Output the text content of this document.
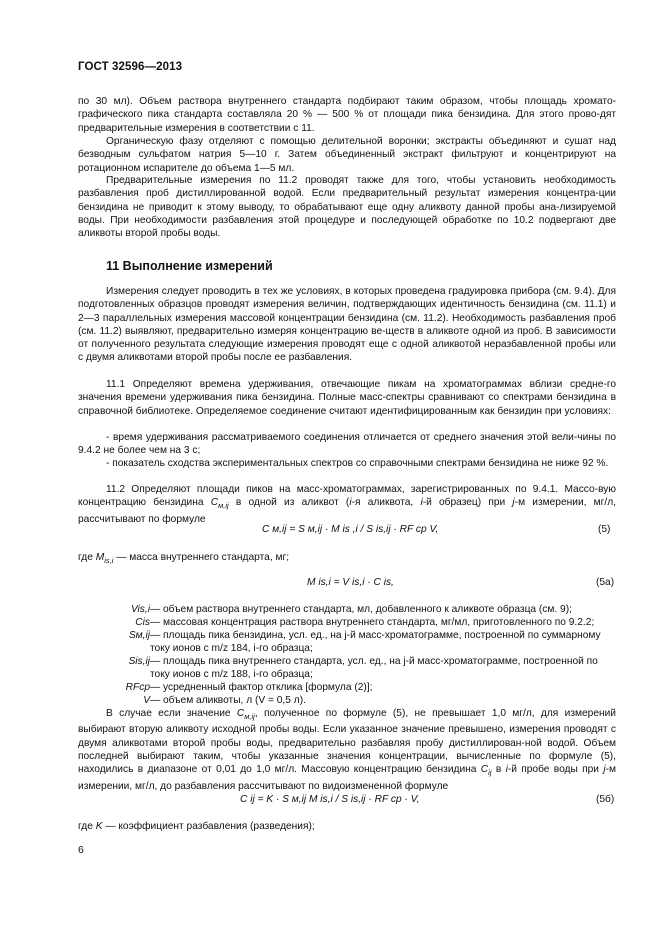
ГОСТ 32596—2013

по 30 мл). Объем раствора внутреннего стандарта подбирают таким образом, чтобы площадь хромато-графического пика стандарта составляла 20 % — 500 % от площади пика бензидина. Для этого прово-дят предварительные измерения в соответствии с 11.

Органическую фазу отделяют с помощью делительной воронки; экстракты объединяют и сушат над безводным сульфатом натрия 5—10 г. Затем объединенный экстракт фильтруют и концентрируют на ротационном испарителе до объема 1—5 мл.

Предварительные измерения по 11.2 проводят также для того, чтобы установить необходимость разбавления проб дистиллированной водой. Если предварительный результат измерения концентра-ции бензидина не приводит к этому выводу, то обрабатывают еще одну аликвоту данной пробы ана-лизируемой воды. При необходимости разбавления этой процедуре и последующей обработке по 10.2 подвергают две аликвоты второй пробы воды.

11 Выполнение измерений

Измерения следует проводить в тех же условиях, в которых проведена градуировка прибора (см. 9.4). Для подготовленных образцов проводят измерения величин, подтверждающих идентичность бензидина (см. 11.1) и 2—3 параллельных измерения массовой концентрации бензидина (см. 11.2). Необходимость разбавления проб (см. 11.2) выявляют, предварительно измеряя концентрацию ве-ществ в аликвоте одной из проб. В зависимости от полученного результата следующие измерения проводят еще с одной аликвотой неразбавленной пробы или с двумя аликвотами второй пробы после ее разбавления.

11.1 Определяют времена удерживания, отвечающие пикам на хроматограммах вблизи средне-го значения времени удерживания пика бензидина. Полные масс-спектры сравнивают со спектрами бензидина в справочной библиотеке. Определяемое соединение считают идентифицированным как бензидин при условиях:

- время удерживания рассматриваемого соединения отличается от среднего значения этой вели-чины по 9.4.2 не более чем на 3 с;

- показатель сходства экспериментальных спектров со справочными спектрами бензидина не ниже 92 %.

11.2 Определяют площади пиков на масс-хроматограммах, зарегистрированных по 9.4.1. Массо-вую концентрацию бензидина $C_{м,ij}$ в одной из аликвот (i-я аликвота, i-й образец) при j-м измерении, мг/л, рассчитывают по формуле

C м,ij = S м,ij · M is ,i / S is,ij · RF ср V,	(5)

где $M_{is,i}$ — масса внутреннего стандарта, мг;

M is,i = V is,i · C is,	(5a)
Vis,i — объем раствора внутреннего стандарта, мл, добавленного к аликвоте образца (см. 9);
Cis — массовая концентрация раствора внутреннего стандарта, мг/мл, приготовленного по 9.2.2;
Sм,ij — площадь пика бензидина, усл. ед., на j-й масс-хроматограмме, построенной по суммарному току ионов с m/z 184, i-го образца;
Sis,ij — площадь пика внутреннего стандарта, усл. ед., на j-й масс-хроматограмме, построенной по току ионов с m/z 188, i-го образца;
RFср — усредненный фактор отклика [формула (2)];
V — объем аликвоты, л (V = 0,5 л).

В случае если значение $C_{м,ij}$, полученное по формуле (5), не превышает 1,0 мг/л, для измерений выбирают вторую аликвоту исходной пробы воды. Если указанное значение превышено, измерения проводят с двумя аликвотами второй пробы воды, предварительно разбавляя пробу дистиллирован-ной водой. Объем последней выбирают таким, чтобы указанные значения концентрации, вычисленные по формуле (5), находились в диапазоне от 0,01 до 1,0 мг/л. Массовую концентрацию бензидина $C_{ij}$ в i-й пробе воды при j-м измерении, мг/л, до разбавления рассчитывают по видоизмененной формуле

C ij = K · S м,ij M is,i / S is,ij · RF ср · V,	(5б)

где K — коэффициент разбавления (разведения);

6
